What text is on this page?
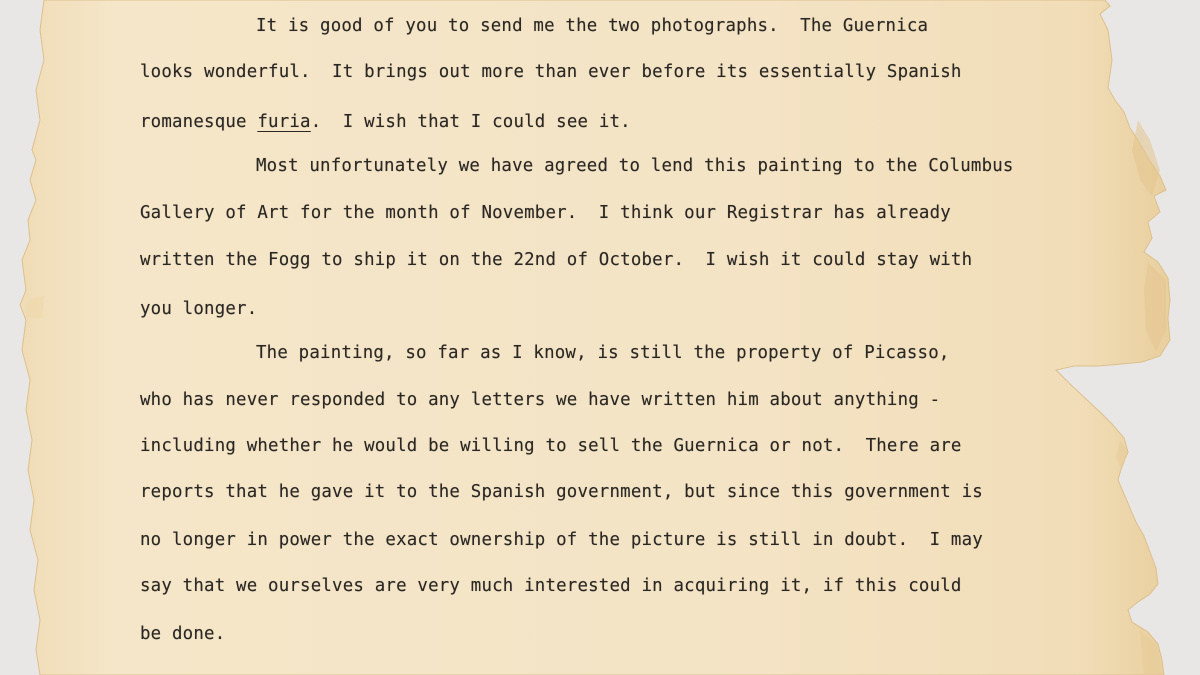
It is good of you to send me the two photographs.  The Guernica
looks wonderful.  It brings out more than ever before its essentially Spanish
romanesque furia.  I wish that I could see it.
Most unfortunately we have agreed to lend this painting to the Columbus
Gallery of Art for the month of November.  I think our Registrar has already
written the Fogg to ship it on the 22nd of October.  I wish it could stay with
you longer.
The painting, so far as I know, is still the property of Picasso,
who has never responded to any letters we have written him about anything -
including whether he would be willing to sell the Guernica or not.  There are
reports that he gave it to the Spanish government, but since this government is
no longer in power the exact ownership of the picture is still in doubt.  I may
say that we ourselves are very much interested in acquiring it, if this could
be done.
